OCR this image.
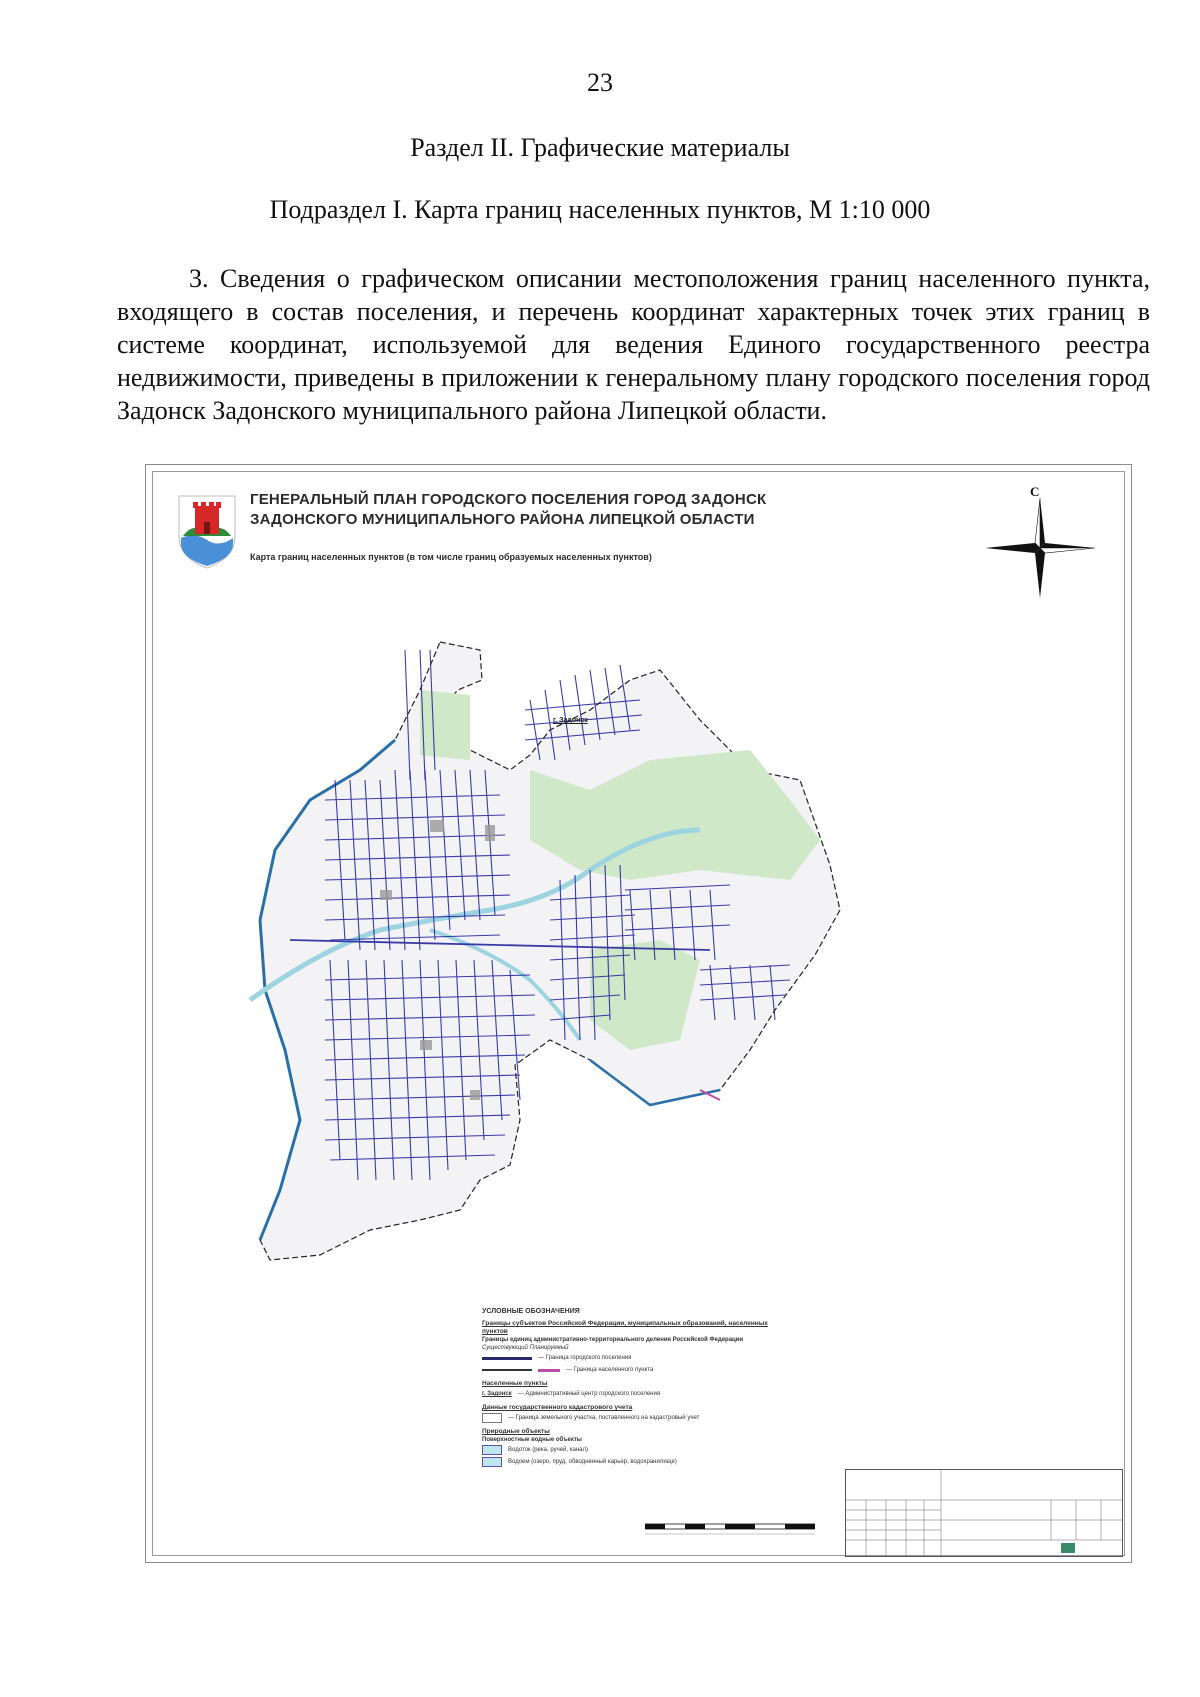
23
Раздел II. Графические материалы
Подраздел I. Карта границ населенных пунктов, М 1:10 000

3. Сведения о графическом описании местоположения границ населенного пункта, входящего в состав поселения, и перечень координат характерных точек этих границ в системе координат, используемой для ведения Единого государственного реестра недвижимости, приведены в приложении к генеральному плану городского поселения город Задонск Задонского муниципального района Липецкой области.

ГЕНЕРАЛЬНЫЙ ПЛАН ГОРОДСКОГО ПОСЕЛЕНИЯ ГОРОД ЗАДОНСК
ЗАДОНСКОГО МУНИЦИПАЛЬНОГО РАЙОНА ЛИПЕЦКОЙ ОБЛАСТИ
Карта границ населенных пунктов (в том числе границ образуемых населенных пунктов)
С
г. Задонск
УСЛОВНЫЕ ОБОЗНАЧЕНИЯ
Границы субъектов Российской Федерации, муниципальных образований, населенных пунктов
Границы единиц административно-территориального деления Российской Федерации
Существующий Планируемый
— Граница городского поселения
— Граница населенного пункта
Населенные пункты
г. Задонск — Административный центр городского поселения
Данные государственного кадастрового учета
— Граница земельного участка, поставленного на кадастровый учет
Природные объекты
Поверхностные водные объекты
Водоток (река, ручей, канал)
Водоем (озеро, пруд, обводненный карьер, водохранилище)
